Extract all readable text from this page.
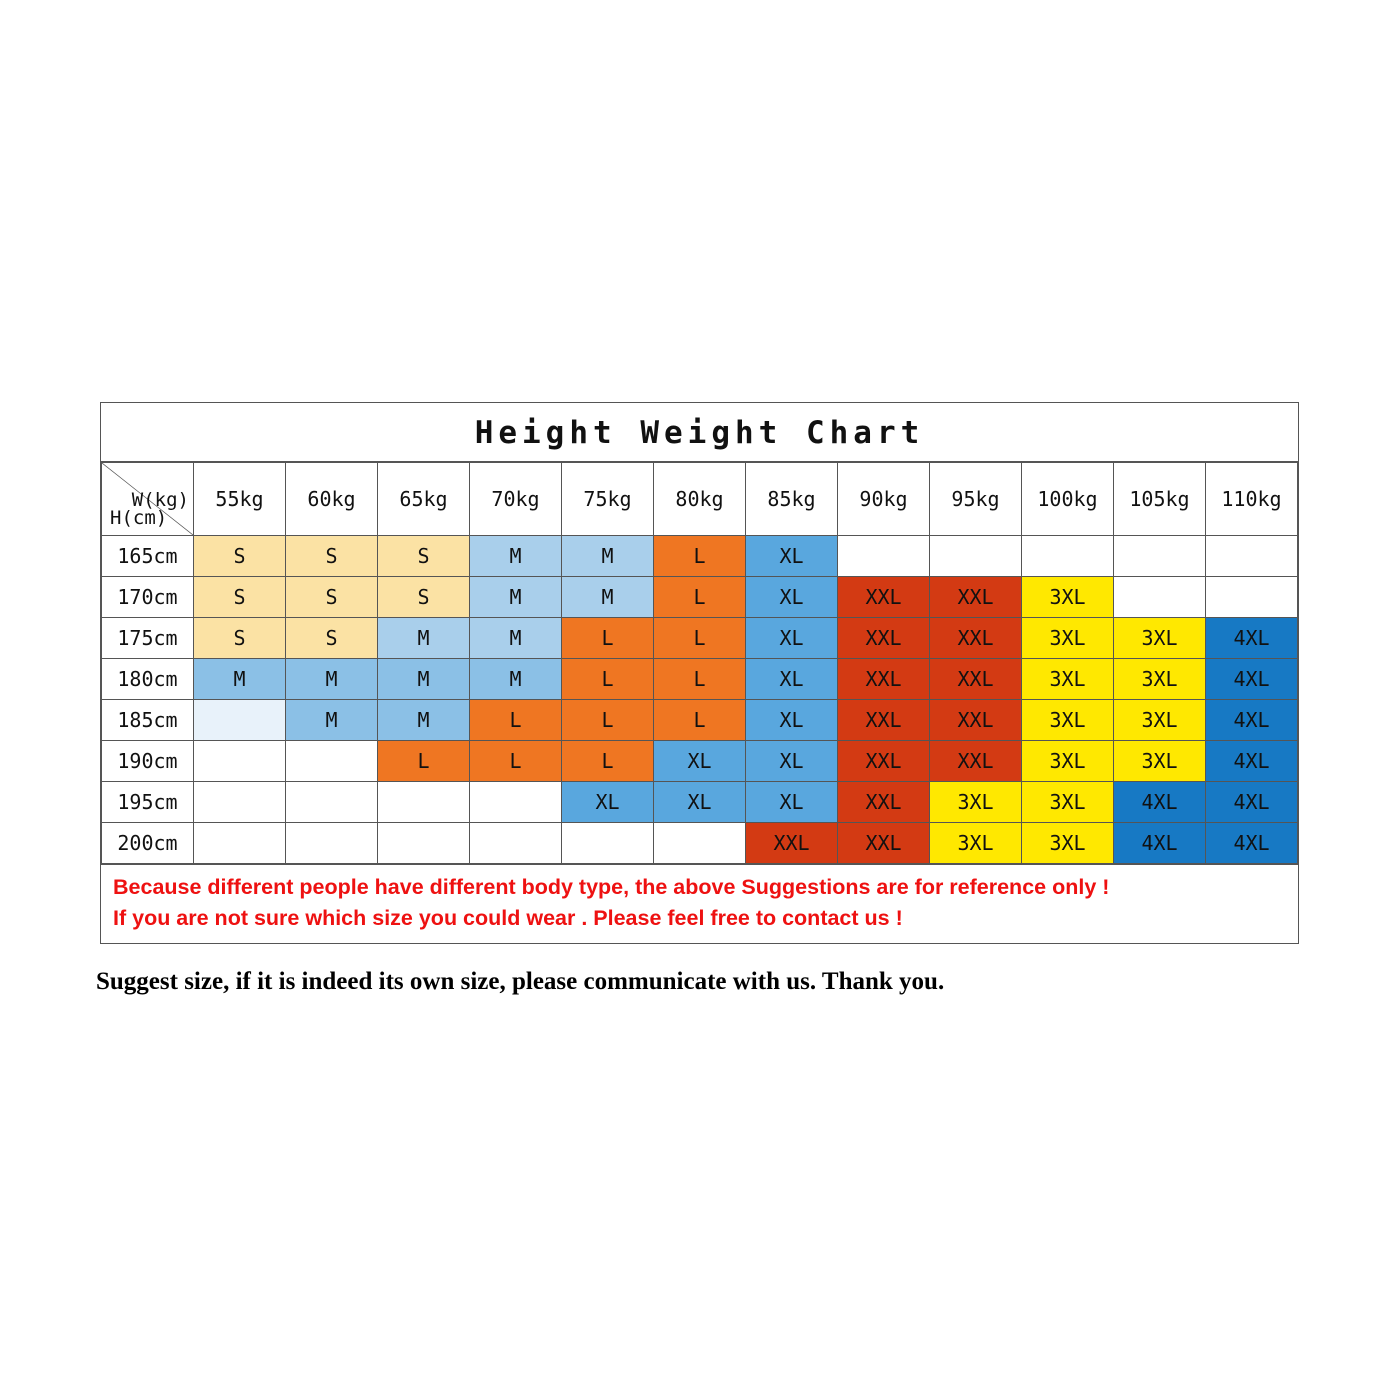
Height Weight Chart
H(cm)
W(kg)	55kg	60kg	65kg	70kg	75kg	80kg	85kg	90kg	95kg	100kg	105kg	110kg
165cm	S	S	S	M	M	L	XL					
170cm	S	S	S	M	M	L	XL	XXL	XXL	3XL		
175cm	S	S	M	M	L	L	XL	XXL	XXL	3XL	3XL	4XL
180cm	M	M	M	M	L	L	XL	XXL	XXL	3XL	3XL	4XL
185cm		M	M	L	L	L	XL	XXL	XXL	3XL	3XL	4XL
190cm			L	L	L	XL	XL	XXL	XXL	3XL	3XL	4XL
195cm					XL	XL	XL	XXL	3XL	3XL	4XL	4XL
200cm							XXL	XXL	3XL	3XL	4XL	4XL
Because different people have different body type, the above Suggestions are for reference only !
If you are not sure which size you could wear . Please feel free to contact us !
Suggest size, if it is indeed its own size, please communicate with us. Thank you.
